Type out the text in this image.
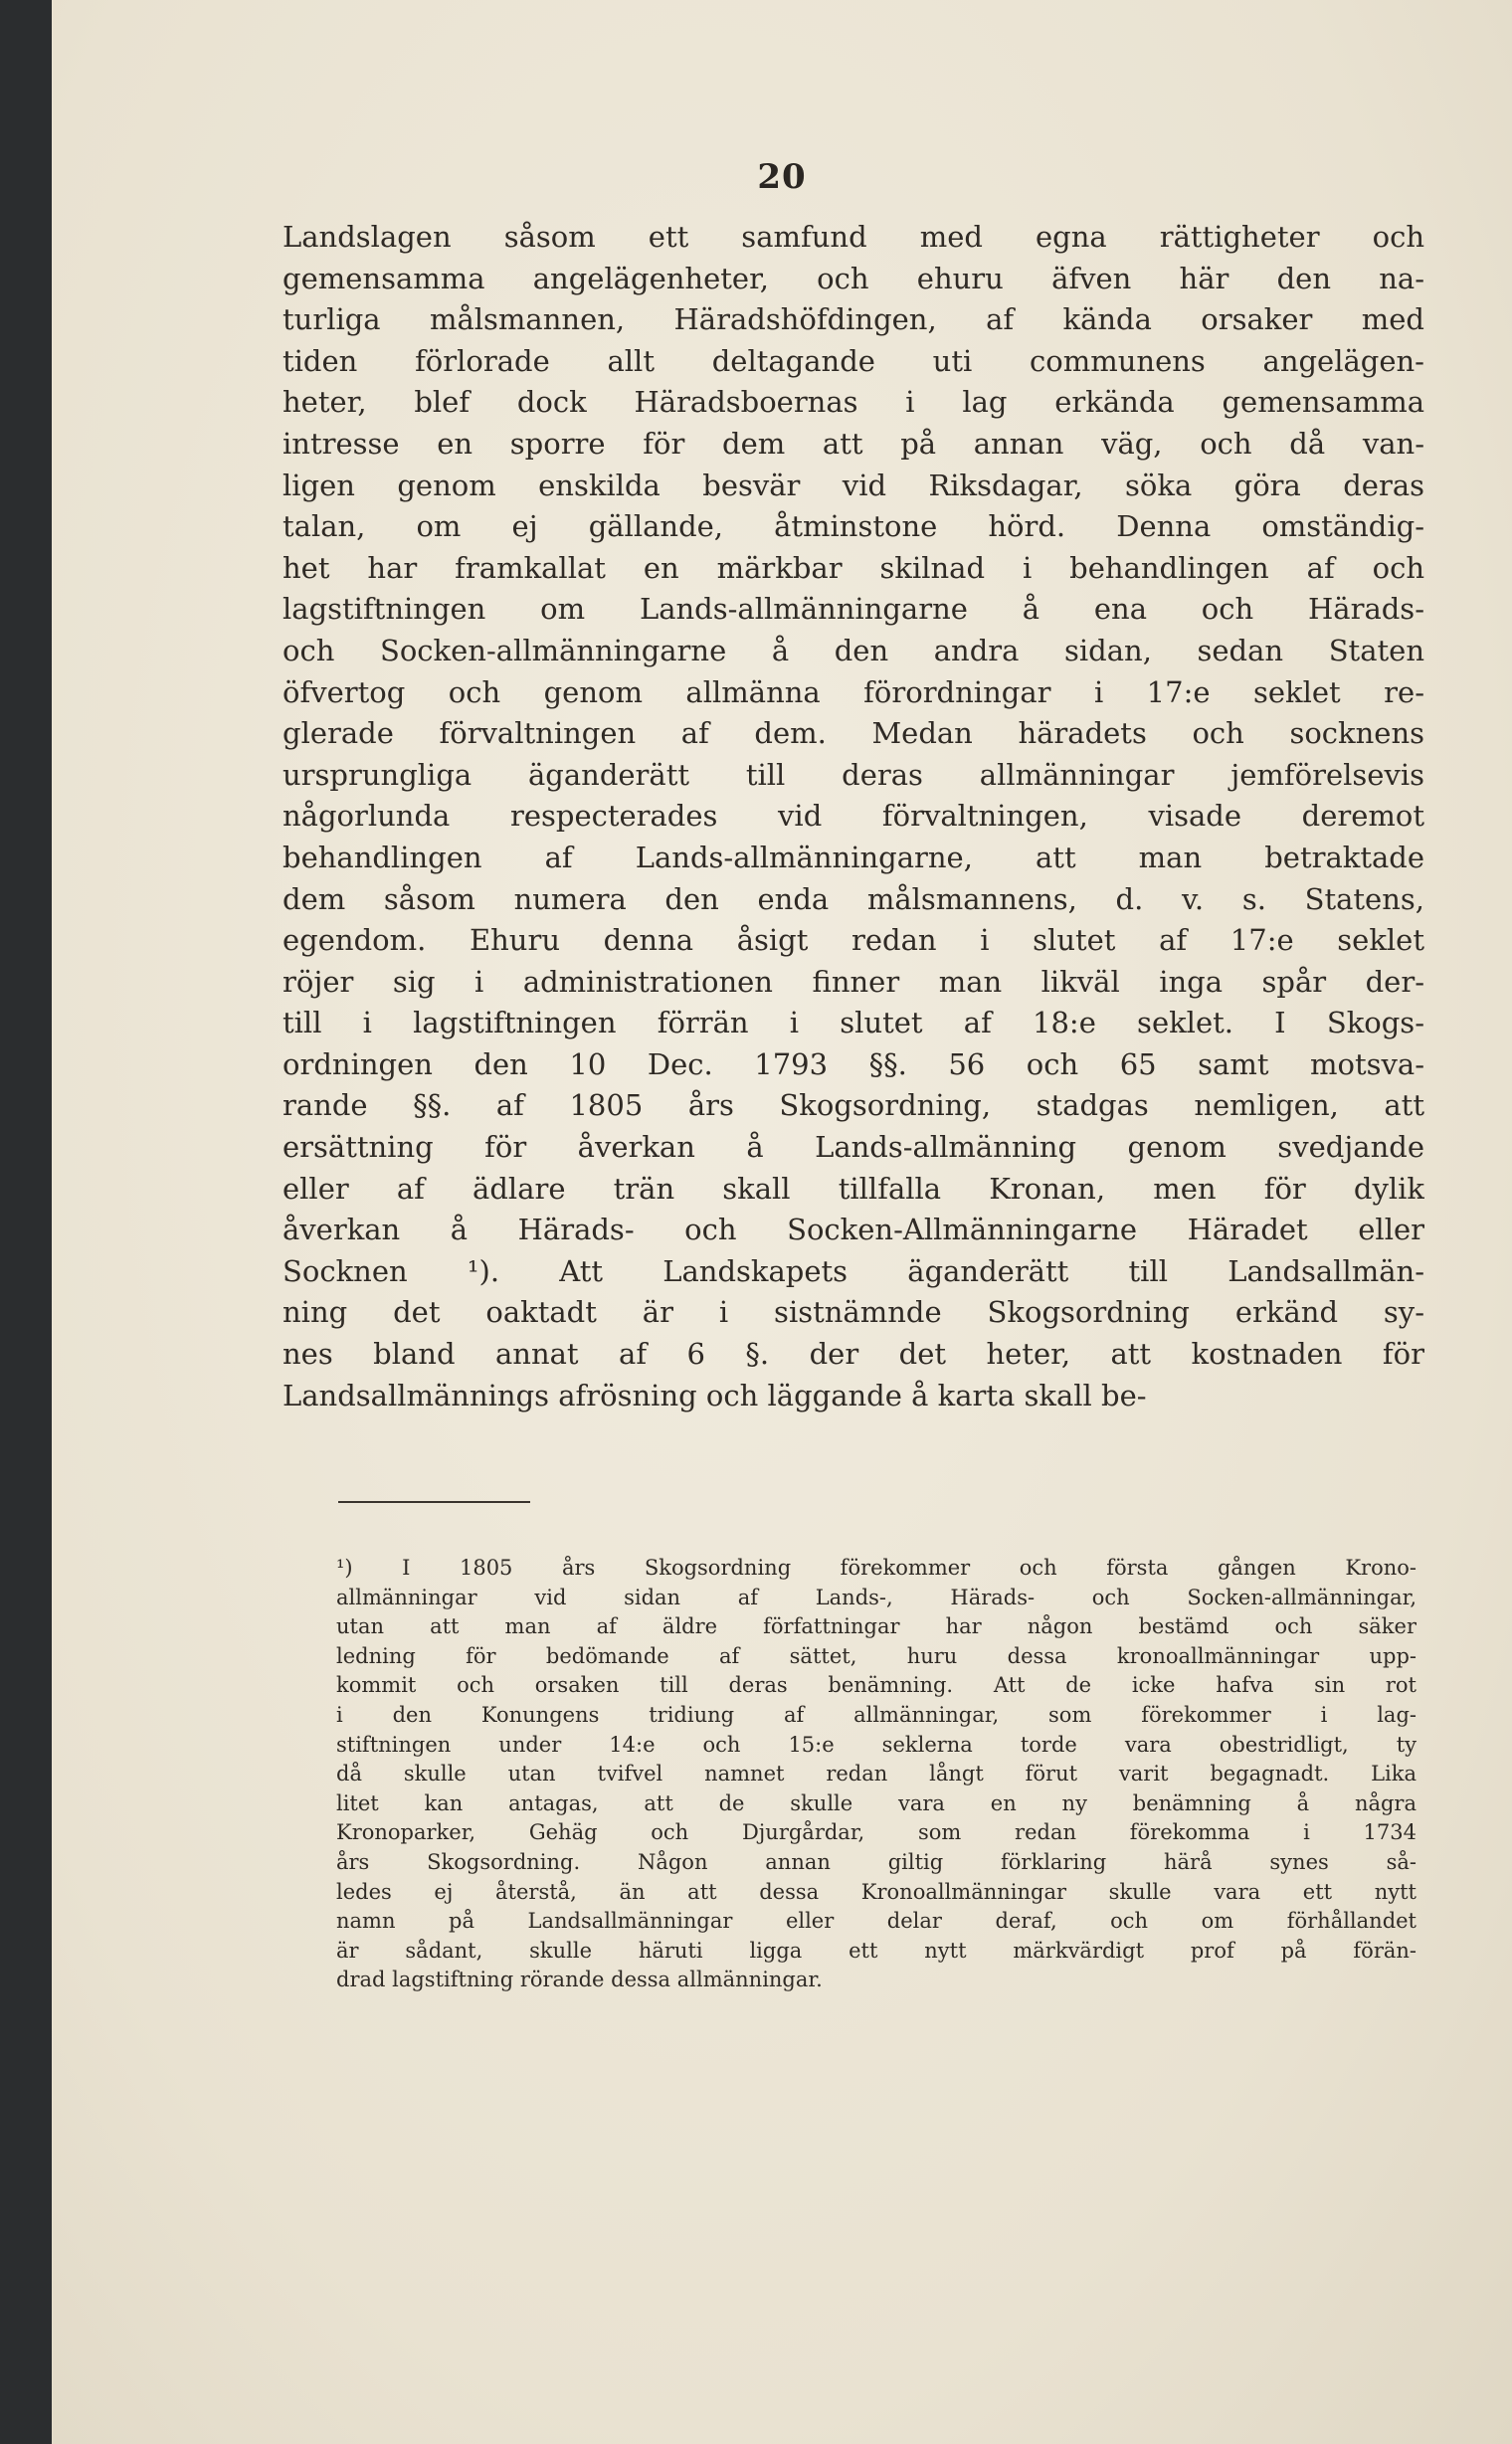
20
Landslagen såsom ett samfund med egna rättigheter och
gemensamma angelägenheter, och ehuru äfven här den na-
turliga målsmannen, Häradshöfdingen, af kända orsaker med
tiden förlorade allt deltagande uti communens angelägen-
heter, blef dock Häradsboernas i lag erkända gemensamma
intresse en sporre för dem att på annan väg, och då van-
ligen genom enskilda besvär vid Riksdagar, söka göra deras
talan, om ej gällande, åtminstone hörd. Denna omständig-
het har framkallat en märkbar skilnad i behandlingen af och
lagstiftningen om Lands-allmänningarne å ena och Härads-
och Socken-allmänningarne å den andra sidan, sedan Staten
öfvertog och genom allmänna förordningar i 17:e seklet re-
glerade förvaltningen af dem. Medan häradets och socknens
ursprungliga äganderätt till deras allmänningar jemförelsevis
någorlunda respecterades vid förvaltningen, visade deremot
behandlingen af Lands-allmänningarne, att man betraktade
dem såsom numera den enda målsmannens, d. v. s. Statens,
egendom. Ehuru denna åsigt redan i slutet af 17:e seklet
röjer sig i administrationen finner man likväl inga spår der-
till i lagstiftningen förrän i slutet af 18:e seklet. I Skogs-
ordningen den 10 Dec. 1793 §§. 56 och 65 samt motsva-
rande §§. af 1805 års Skogsordning, stadgas nemligen, att
ersättning för åverkan å Lands-allmänning genom svedjande
eller af ädlare trän skall tillfalla Kronan, men för dylik
åverkan å Härads- och Socken-Allmänningarne Häradet eller
Socknen ¹). Att Landskapets äganderätt till Landsallmän-
ning det oaktadt är i sistnämnde Skogsordning erkänd sy-
nes bland annat af 6 §. der det heter, att kostnaden för
Landsallmännings afrösning och läggande å karta skall be-
¹) I 1805 års Skogsordning förekommer och första gången Krono-
allmänningar vid sidan af Lands-, Härads- och Socken-allmänningar,
utan att man af äldre författningar har någon bestämd och säker
ledning för bedömande af sättet, huru dessa kronoallmänningar upp-
kommit och orsaken till deras benämning. Att de icke hafva sin rot
i den Konungens tridiung af allmänningar, som förekommer i lag-
stiftningen under 14:e och 15:e seklerna torde vara obestridligt, ty
då skulle utan tvifvel namnet redan långt förut varit begagnadt. Lika
litet kan antagas, att de skulle vara en ny benämning å några
Kronoparker, Gehäg och Djurgårdar, som redan förekomma i 1734
års Skogsordning. Någon annan giltig förklaring härå synes så-
ledes ej återstå, än att dessa Kronoallmänningar skulle vara ett nytt
namn på Landsallmänningar eller delar deraf, och om förhållandet
är sådant, skulle häruti ligga ett nytt märkvärdigt prof på förän-
drad lagstiftning rörande dessa allmänningar.
